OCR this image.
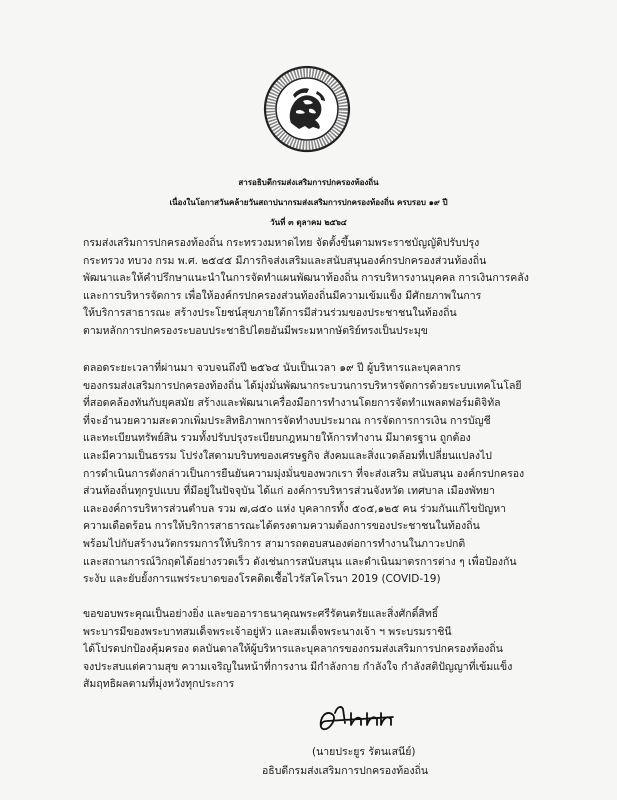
สารอธิบดีกรมส่งเสริมการปกครองท้องถิ่น
เนื่องในโอกาสวันคล้ายวันสถาปนากรมส่งเสริมการปกครองท้องถิ่น ครบรอบ ๑๙ ปี
วันที่ ๓ ตุลาคม ๒๕๖๔
กรมส่งเสริมการปกครองท้องถิ่น กระทรวงมหาดไทย จัดตั้งขึ้นตามพระราชบัญญัติปรับปรุง
กระทรวง ทบวง กรม พ.ศ. ๒๕๔๕ มีภารกิจส่งเสริมและสนับสนุนองค์กรปกครองส่วนท้องถิ่น
พัฒนาและให้คำปรึกษาแนะนำในการจัดทำแผนพัฒนาท้องถิ่น การบริหารงานบุคคล การเงินการคลัง
และการบริหารจัดการ เพื่อให้องค์กรปกครองส่วนท้องถิ่นมีความเข้มแข็ง มีศักยภาพในการ
ให้บริการสาธารณะ สร้างประโยชน์สุขภายใต้การมีส่วนร่วมของประชาชนในท้องถิ่น
ตามหลักการปกครองระบอบประชาธิปไตยอันมีพระมหากษัตริย์ทรงเป็นประมุข
ตลอดระยะเวลาที่ผ่านมา จวบจนถึงปี ๒๕๖๔ นับเป็นเวลา ๑๙ ปี ผู้บริหารและบุคลากร
ของกรมส่งเสริมการปกครองท้องถิ่น ได้มุ่งมั่นพัฒนากระบวนการบริหารจัดการด้วยระบบเทคโนโลยี
ที่สอดคล้องทันกับยุคสมัย สร้างและพัฒนาเครื่องมือการทำงานโดยการจัดทำแพลตฟอร์มดิจิทัล
ที่จะอำนวยความสะดวกเพิ่มประสิทธิภาพการจัดทำงบประมาณ การจัดการการเงิน การบัญชี
และทะเบียนทรัพย์สิน รวมทั้งปรับปรุงระเบียบกฎหมายให้การทำงาน มีมาตรฐาน ถูกต้อง
และมีความเป็นธรรม โปร่งใสตามบริบทของเศรษฐกิจ สังคมและสิ่งแวดล้อมที่เปลี่ยนแปลงไป
การดำเนินการดังกล่าวเป็นการยืนยันความมุ่งมั่นของพวกเรา ที่จะส่งเสริม สนับสนุน องค์กรปกครอง
ส่วนท้องถิ่นทุกรูปแบบ ที่มีอยู่ในปัจจุบัน ได้แก่ องค์การบริหารส่วนจังหวัด เทศบาล เมืองพัทยา
และองค์การบริหารส่วนตำบล รวม ๗,๘๕๐ แห่ง บุคลากรทั้ง ๕๐๕,๑๒๕ คน ร่วมกันแก้ไขปัญหา
ความเดือดร้อน การให้บริการสาธารณะได้ตรงตามความต้องการของประชาชนในท้องถิ่น
พร้อมไปกับสร้างนวัตกรรมการให้บริการ สามารถตอบสนองต่อการทำงานในภาวะปกติ
และสถานการณ์วิกฤตได้อย่างรวดเร็ว ดังเช่นการสนับสนุน และดำเนินมาตรการต่าง ๆ เพื่อป้องกัน
ระงับ และยับยั้งการแพร่ระบาดของโรคติดเชื้อไวรัสโคโรนา 2019 (COVID-19)
ขอขอบพระคุณเป็นอย่างยิ่ง และขออาราธนาคุณพระศรีรัตนตรัยและสิ่งศักดิ์สิทธิ์
พระบารมีของพระบาทสมเด็จพระเจ้าอยู่หัว และสมเด็จพระนางเจ้า ฯ พระบรมราชินี
ได้โปรดปกป้องคุ้มครอง ดลบันดาลให้ผู้บริหารและบุคลากรของกรมส่งเสริมการปกครองท้องถิ่น
จงประสบแต่ความสุข ความเจริญในหน้าที่การงาน มีกำลังกาย กำลังใจ กำลังสติปัญญาที่เข้มแข็ง
สัมฤทธิผลตามที่มุ่งหวังทุกประการ
(นายประยูร รัตนเสนีย์)
อธิบดีกรมส่งเสริมการปกครองท้องถิ่น
